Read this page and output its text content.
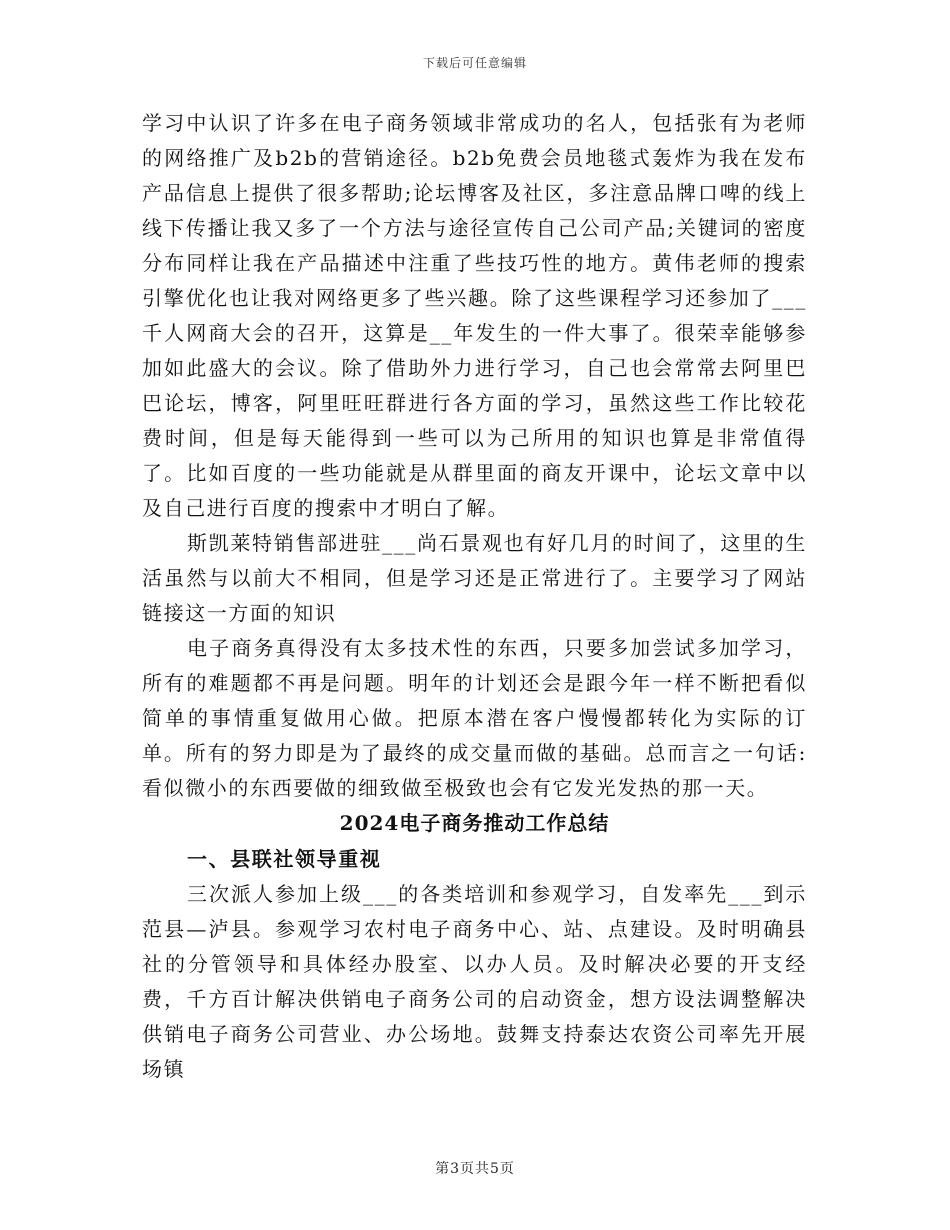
下载后可任意编辑

学习中认识了许多在电子商务领域非常成功的名人，包括张有为老师的网络推广及b2b的营销途径。b2b免费会员地毯式轰炸为我在发布产品信息上提供了很多帮助;论坛博客及社区，多注意品牌口啤的线上线下传播让我又多了一个方法与途径宣传自己公司产品;关键词的密度分布同样让我在产品描述中注重了些技巧性的地方。黄伟老师的搜索引擎优化也让我对网络更多了些兴趣。除了这些课程学习还参加了___千人网商大会的召开，这算是__年发生的一件大事了。很荣幸能够参加如此盛大的会议。除了借助外力进行学习，自己也会常常去阿里巴巴论坛，博客，阿里旺旺群进行各方面的学习，虽然这些工作比较花费时间，但是每天能得到一些可以为己所用的知识也算是非常值得了。比如百度的一些功能就是从群里面的商友开课中，论坛文章中以及自己进行百度的搜索中才明白了解。

斯凯莱特销售部进驻___尚石景观也有好几月的时间了，这里的生活虽然与以前大不相同，但是学习还是正常进行了。主要学习了网站链接这一方面的知识

电子商务真得没有太多技术性的东西，只要多加尝试多加学习，所有的难题都不再是问题。明年的计划还会是跟今年一样不断把看似简单的事情重复做用心做。把原本潜在客户慢慢都转化为实际的订单。所有的努力即是为了最终的成交量而做的基础。总而言之一句话:看似微小的东西要做的细致做至极致也会有它发光发热的那一天。

2024电子商务推动工作总结
一、县联社领导重视

三次派人参加上级___的各类培训和参观学习，自发率先___到示范县—泸县。参观学习农村电子商务中心、站、点建设。及时明确县社的分管领导和具体经办股室、以办人员。及时解决必要的开支经费，千方百计解决供销电子商务公司的启动资金，想方设法调整解决供销电子商务公司营业、办公场地。鼓舞支持泰达农资公司率先开展场镇

第3页共5页
